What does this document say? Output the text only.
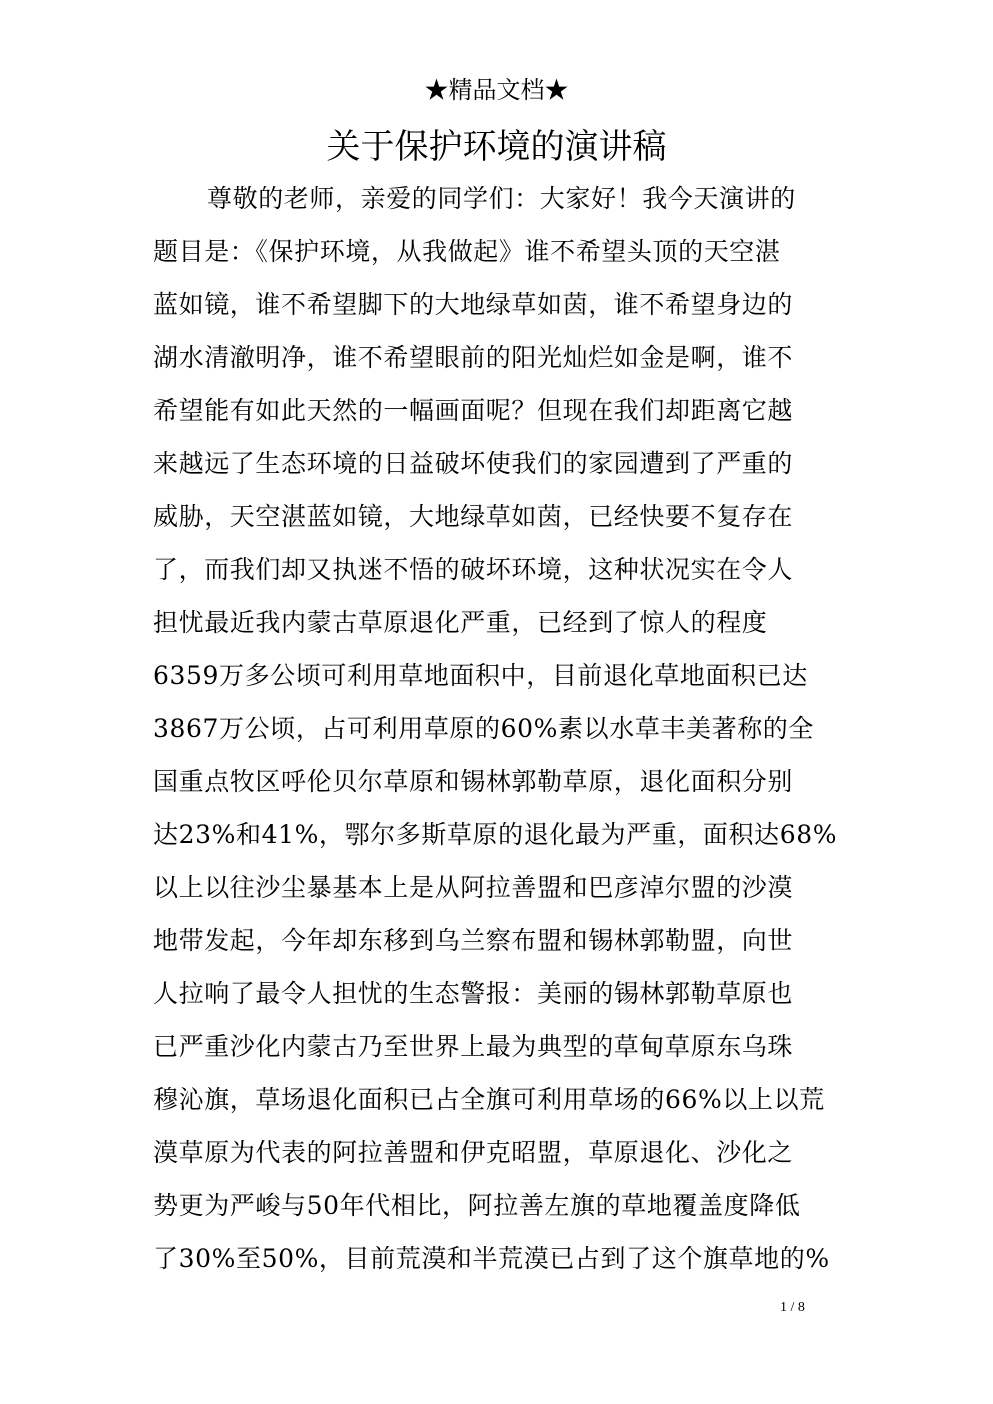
★精品文档★
关于保护环境的演讲稿
尊敬的老师，亲爱的同学们：大家好！我今天演讲的
题目是：《保护环境，从我做起》谁不希望头顶的天空湛
蓝如镜，谁不希望脚下的大地绿草如茵，谁不希望身边的
湖水清澈明净，谁不希望眼前的阳光灿烂如金是啊，谁不
希望能有如此天然的一幅画面呢？但现在我们却距离它越
来越远了生态环境的日益破坏使我们的家园遭到了严重的
威胁，天空湛蓝如镜，大地绿草如茵，已经快要不复存在
了，而我们却又执迷不悟的破坏环境，这种状况实在令人
担忧最近我内蒙古草原退化严重，已经到了惊人的程度
6359万多公顷可利用草地面积中，目前退化草地面积已达
3867万公顷，占可利用草原的60%素以水草丰美著称的全
国重点牧区呼伦贝尔草原和锡林郭勒草原，退化面积分别
达23%和41%，鄂尔多斯草原的退化最为严重，面积达68%
以上以往沙尘暴基本上是从阿拉善盟和巴彦淖尔盟的沙漠
地带发起，今年却东移到乌兰察布盟和锡林郭勒盟，向世
人拉响了最令人担忧的生态警报：美丽的锡林郭勒草原也
已严重沙化内蒙古乃至世界上最为典型的草甸草原东乌珠
穆沁旗，草场退化面积已占全旗可利用草场的66%以上以荒
漠草原为代表的阿拉善盟和伊克昭盟，草原退化、沙化之
势更为严峻与50年代相比，阿拉善左旗的草地覆盖度降低
了30%至50%，目前荒漠和半荒漠已占到了这个旗草地的%
1 / 8
